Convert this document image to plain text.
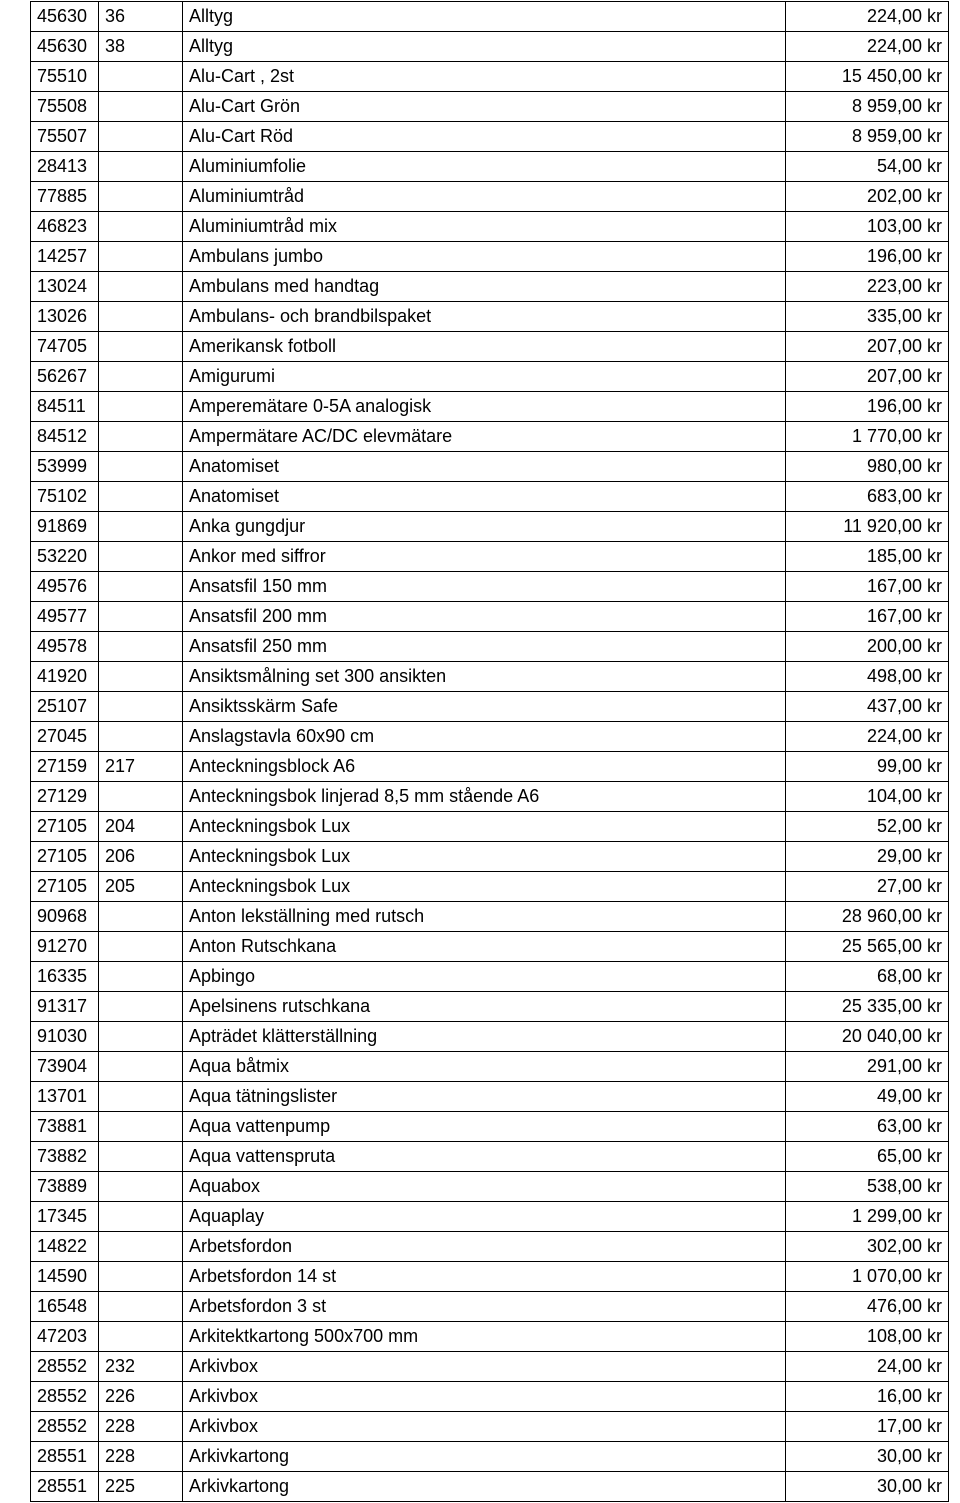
45630	36	Alltyg	224,00 kr
45630	38	Alltyg	224,00 kr
75510		Alu-Cart , 2st	15 450,00 kr
75508		Alu-Cart Grön	8 959,00 kr
75507		Alu-Cart Röd	8 959,00 kr
28413		Aluminiumfolie	54,00 kr
77885		Aluminiumtråd	202,00 kr
46823		Aluminiumtråd mix	103,00 kr
14257		Ambulans jumbo	196,00 kr
13024		Ambulans med handtag	223,00 kr
13026		Ambulans- och brandbilspaket	335,00 kr
74705		Amerikansk fotboll	207,00 kr
56267		Amigurumi	207,00 kr
84511		Amperemätare 0-5A analogisk	196,00 kr
84512		Ampermätare AC/DC elevmätare	1 770,00 kr
53999		Anatomiset	980,00 kr
75102		Anatomiset	683,00 kr
91869		Anka gungdjur	11 920,00 kr
53220		Ankor med siffror	185,00 kr
49576		Ansatsfil 150 mm	167,00 kr
49577		Ansatsfil 200 mm	167,00 kr
49578		Ansatsfil 250 mm	200,00 kr
41920		Ansiktsmålning set 300 ansikten	498,00 kr
25107		Ansiktsskärm Safe	437,00 kr
27045		Anslagstavla 60x90 cm	224,00 kr
27159	217	Anteckningsblock A6	99,00 kr
27129		Anteckningsbok linjerad 8,5 mm stående A6	104,00 kr
27105	204	Anteckningsbok Lux	52,00 kr
27105	206	Anteckningsbok Lux	29,00 kr
27105	205	Anteckningsbok Lux	27,00 kr
90968		Anton lekställning med rutsch	28 960,00 kr
91270		Anton Rutschkana	25 565,00 kr
16335		Apbingo	68,00 kr
91317		Apelsinens rutschkana	25 335,00 kr
91030		Apträdet klätterställning	20 040,00 kr
73904		Aqua båtmix	291,00 kr
13701		Aqua tätningslister	49,00 kr
73881		Aqua vattenpump	63,00 kr
73882		Aqua vattenspruta	65,00 kr
73889		Aquabox	538,00 kr
17345		Aquaplay	1 299,00 kr
14822		Arbetsfordon	302,00 kr
14590		Arbetsfordon 14 st	1 070,00 kr
16548		Arbetsfordon 3 st	476,00 kr
47203		Arkitektkartong 500x700 mm	108,00 kr
28552	232	Arkivbox	24,00 kr
28552	226	Arkivbox	16,00 kr
28552	228	Arkivbox	17,00 kr
28551	228	Arkivkartong	30,00 kr
28551	225	Arkivkartong	30,00 kr
